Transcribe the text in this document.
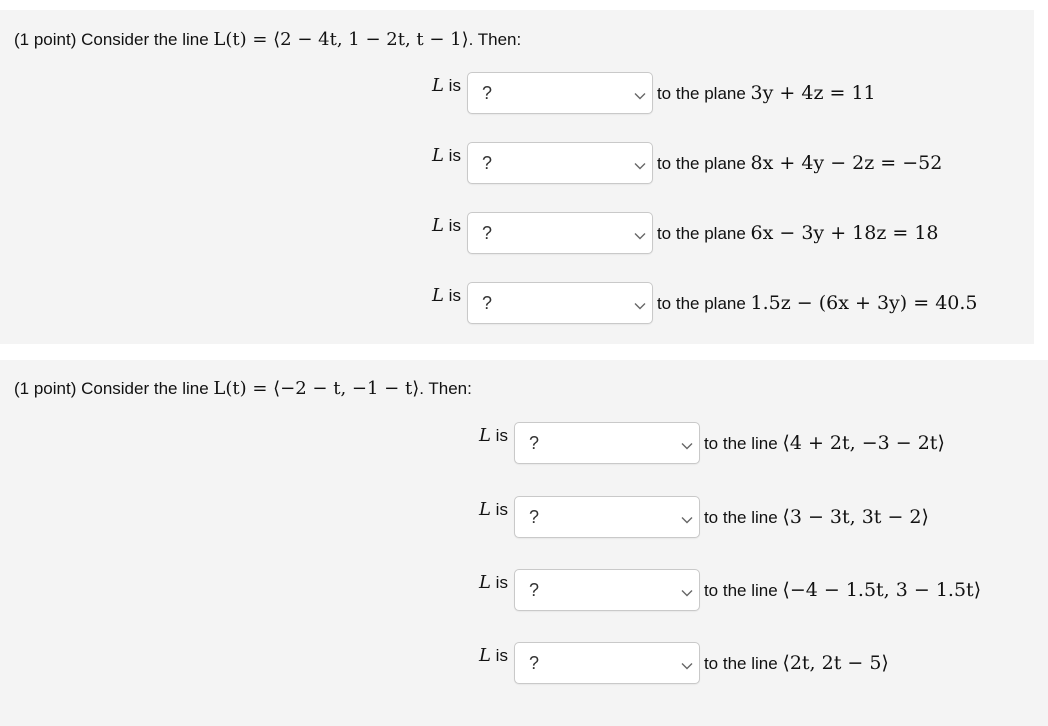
(1 point) Consider the line L(t) = ⟨2 − 4t, 1 − 2t, t − 1⟩. Then:
L is ?	to the plane 3y + 4z = 11
L is ?	to the plane 8x + 4y − 2z = −52
L is ?	to the plane 6x − 3y + 18z = 18
L is ?	to the plane 1.5z − (6x + 3y) = 40.5
(1 point) Consider the line L(t) = ⟨−2 − t, −1 − t⟩. Then:
L is ?	to the line ⟨4 + 2t, −3 − 2t⟩
L is ?	to the line ⟨3 − 3t, 3t − 2⟩
L is ?	to the line ⟨−4 − 1.5t, 3 − 1.5t⟩
L is ?	to the line ⟨2t, 2t − 5⟩
